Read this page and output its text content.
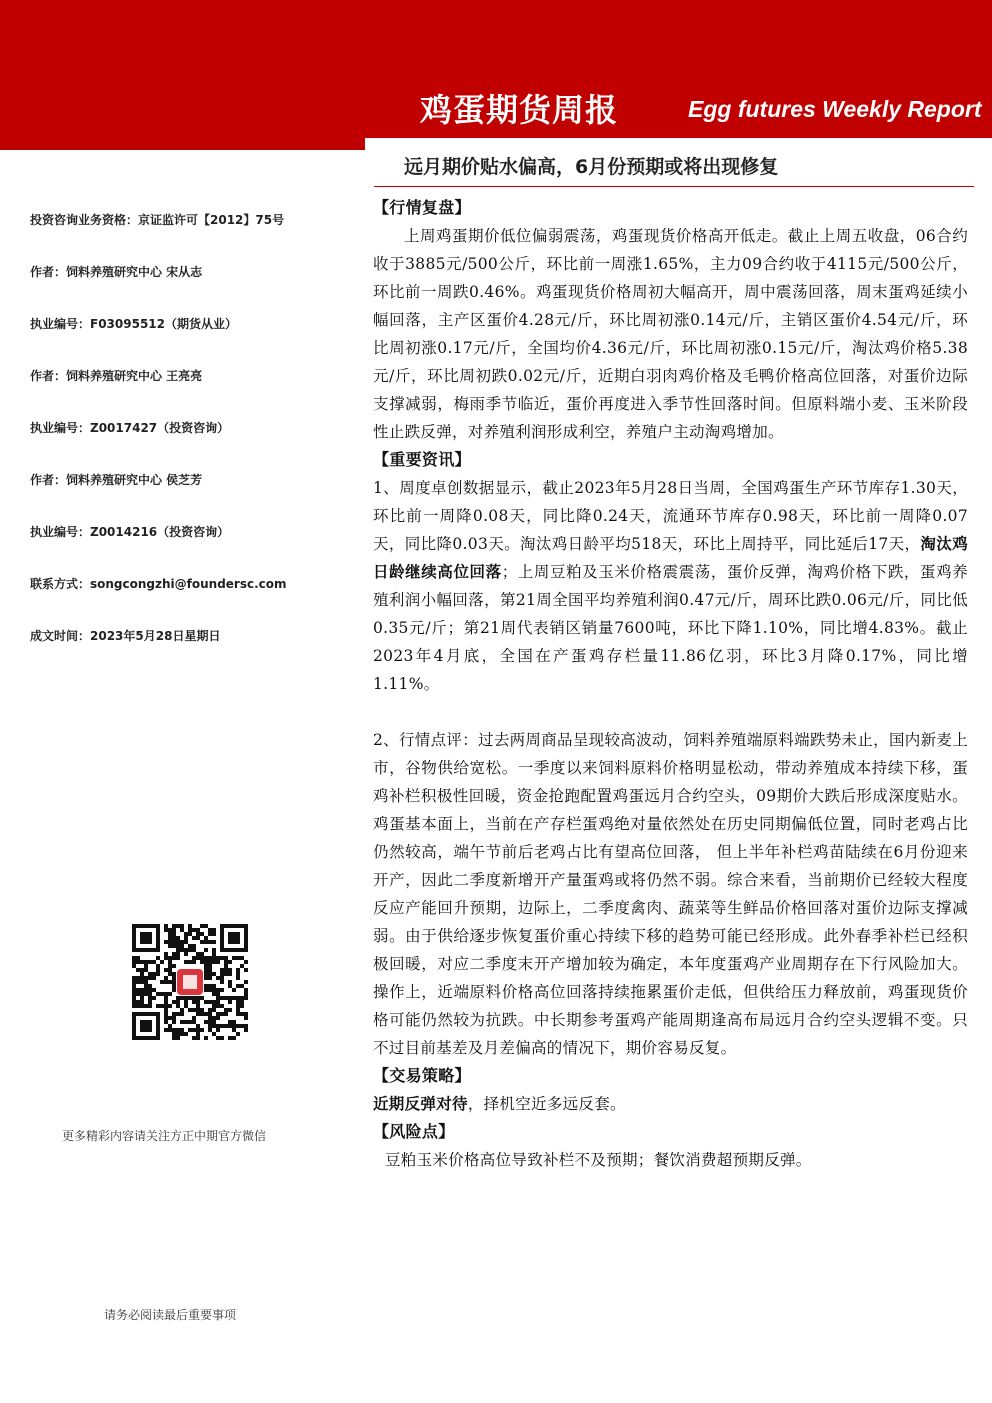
鸡蛋期货周报	Egg futures Weekly Report
远月期价贴水偏高，6月份预期或将出现修复
投资咨询业务资格：京证监许可【2012】75号
作者：饲料养殖研究中心 宋从志
执业编号：F03095512（期货从业）
作者：饲料养殖研究中心 王亮亮
执业编号：Z0017427（投资咨询）
作者：饲料养殖研究中心 侯芝芳
执业编号：Z0014216（投资咨询）
联系方式：songcongzhi@foundersc.com
成文时间：2023年5月28日星期日
更多精彩内容请关注方正中期官方微信
请务必阅读最后重要事项

【行情复盘】

上周鸡蛋期价低位偏弱震荡，鸡蛋现货价格高开低走。截止上周五收盘，06合约收于3885元/500公斤，环比前一周涨1.65%，主力09合约收于4115元/500公斤，环比前一周跌0.46%。鸡蛋现货价格周初大幅高开，周中震荡回落，周末蛋鸡延续小幅回落，主产区蛋价4.28元/斤，环比周初涨0.14元/斤，主销区蛋价4.54元/斤，环比周初涨0.17元/斤，全国均价4.36元/斤，环比周初涨0.15元/斤，淘汰鸡价格5.38元/斤，环比周初跌0.02元/斤，近期白羽肉鸡价格及毛鸭价格高位回落，对蛋价边际支撑减弱，梅雨季节临近，蛋价再度进入季节性回落时间。但原料端小麦、玉米阶段性止跌反弹，对养殖利润形成利空，养殖户主动淘鸡增加。

【重要资讯】

1、周度卓创数据显示，截止2023年5月28日当周，全国鸡蛋生产环节库存1.30天，环比前一周降0.08天，同比降0.24天，流通环节库存0.98天，环比前一周降0.07天，同比降0.03天。淘汰鸡日龄平均518天，环比上周持平，同比延后17天，淘汰鸡日龄继续高位回落；上周豆粕及玉米价格震震荡，蛋价反弹，淘鸡价格下跌，蛋鸡养殖利润小幅回落，第21周全国平均养殖利润0.47元/斤，周环比跌0.06元/斤，同比低0.35元/斤；第21周代表销区销量7600吨，环比下降1.10%，同比增4.83%。截止2023年4月底，全国在产蛋鸡存栏量11.86亿羽，环比3月降0.17%，同比增1.11%。

2、行情点评：过去两周商品呈现较高波动，饲料养殖端原料端跌势未止，国内新麦上市，谷物供给宽松。一季度以来饲料原料价格明显松动，带动养殖成本持续下移，蛋鸡补栏积极性回暖，资金抢跑配置鸡蛋远月合约空头，09期价大跌后形成深度贴水。鸡蛋基本面上，当前在产存栏蛋鸡绝对量依然处在历史同期偏低位置，同时老鸡占比仍然较高，端午节前后老鸡占比有望高位回落， 但上半年补栏鸡苗陆续在6月份迎来开产，因此二季度新增开产量蛋鸡或将仍然不弱。综合来看，当前期价已经较大程度反应产能回升预期，边际上，二季度禽肉、蔬菜等生鲜品价格回落对蛋价边际支撑减弱。由于供给逐步恢复蛋价重心持续下移的趋势可能已经形成。此外春季补栏已经积极回暖，对应二季度末开产增加较为确定，本年度蛋鸡产业周期存在下行风险加大。操作上，近端原料价格高位回落持续拖累蛋价走低，但供给压力释放前，鸡蛋现货价格可能仍然较为抗跌。中长期参考蛋鸡产能周期逢高布局远月合约空头逻辑不变。只不过目前基差及月差偏高的情况下，期价容易反复。

【交易策略】

近期反弹对待，择机空近多远反套。

【风险点】

豆粕玉米价格高位导致补栏不及预期；餐饮消费超预期反弹。
